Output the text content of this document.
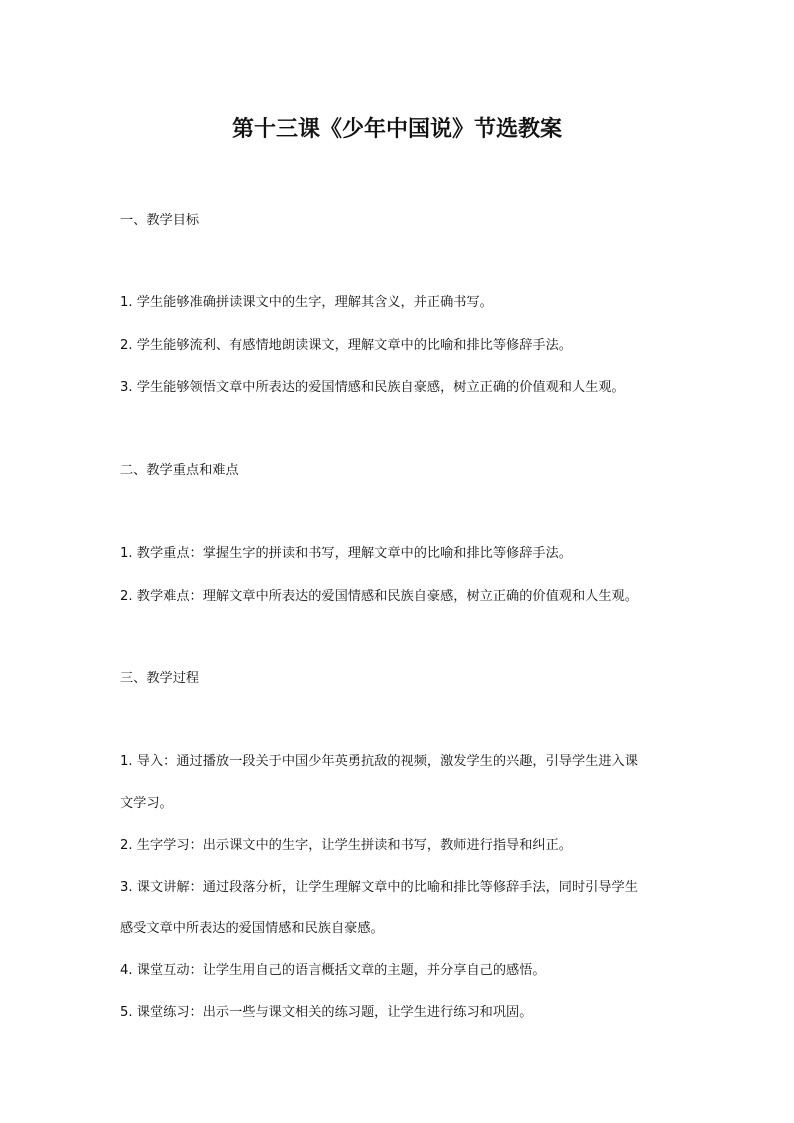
第十三课《少年中国说》节选教案
一、教学目标
1. 学生能够准确拼读课文中的生字，理解其含义，并正确书写。
2. 学生能够流利、有感情地朗读课文，理解文章中的比喻和排比等修辞手法。
3. 学生能够领悟文章中所表达的爱国情感和民族自豪感，树立正确的价值观和人生观。
二、教学重点和难点
1. 教学重点：掌握生字的拼读和书写，理解文章中的比喻和排比等修辞手法。
2. 教学难点：理解文章中所表达的爱国情感和民族自豪感，树立正确的价值观和人生观。
三、教学过程
1. 导入：通过播放一段关于中国少年英勇抗敌的视频，激发学生的兴趣，引导学生进入课
文学习。
2. 生字学习：出示课文中的生字，让学生拼读和书写，教师进行指导和纠正。
3. 课文讲解：通过段落分析，让学生理解文章中的比喻和排比等修辞手法，同时引导学生
感受文章中所表达的爱国情感和民族自豪感。
4. 课堂互动：让学生用自己的语言概括文章的主题，并分享自己的感悟。
5. 课堂练习：出示一些与课文相关的练习题，让学生进行练习和巩固。
